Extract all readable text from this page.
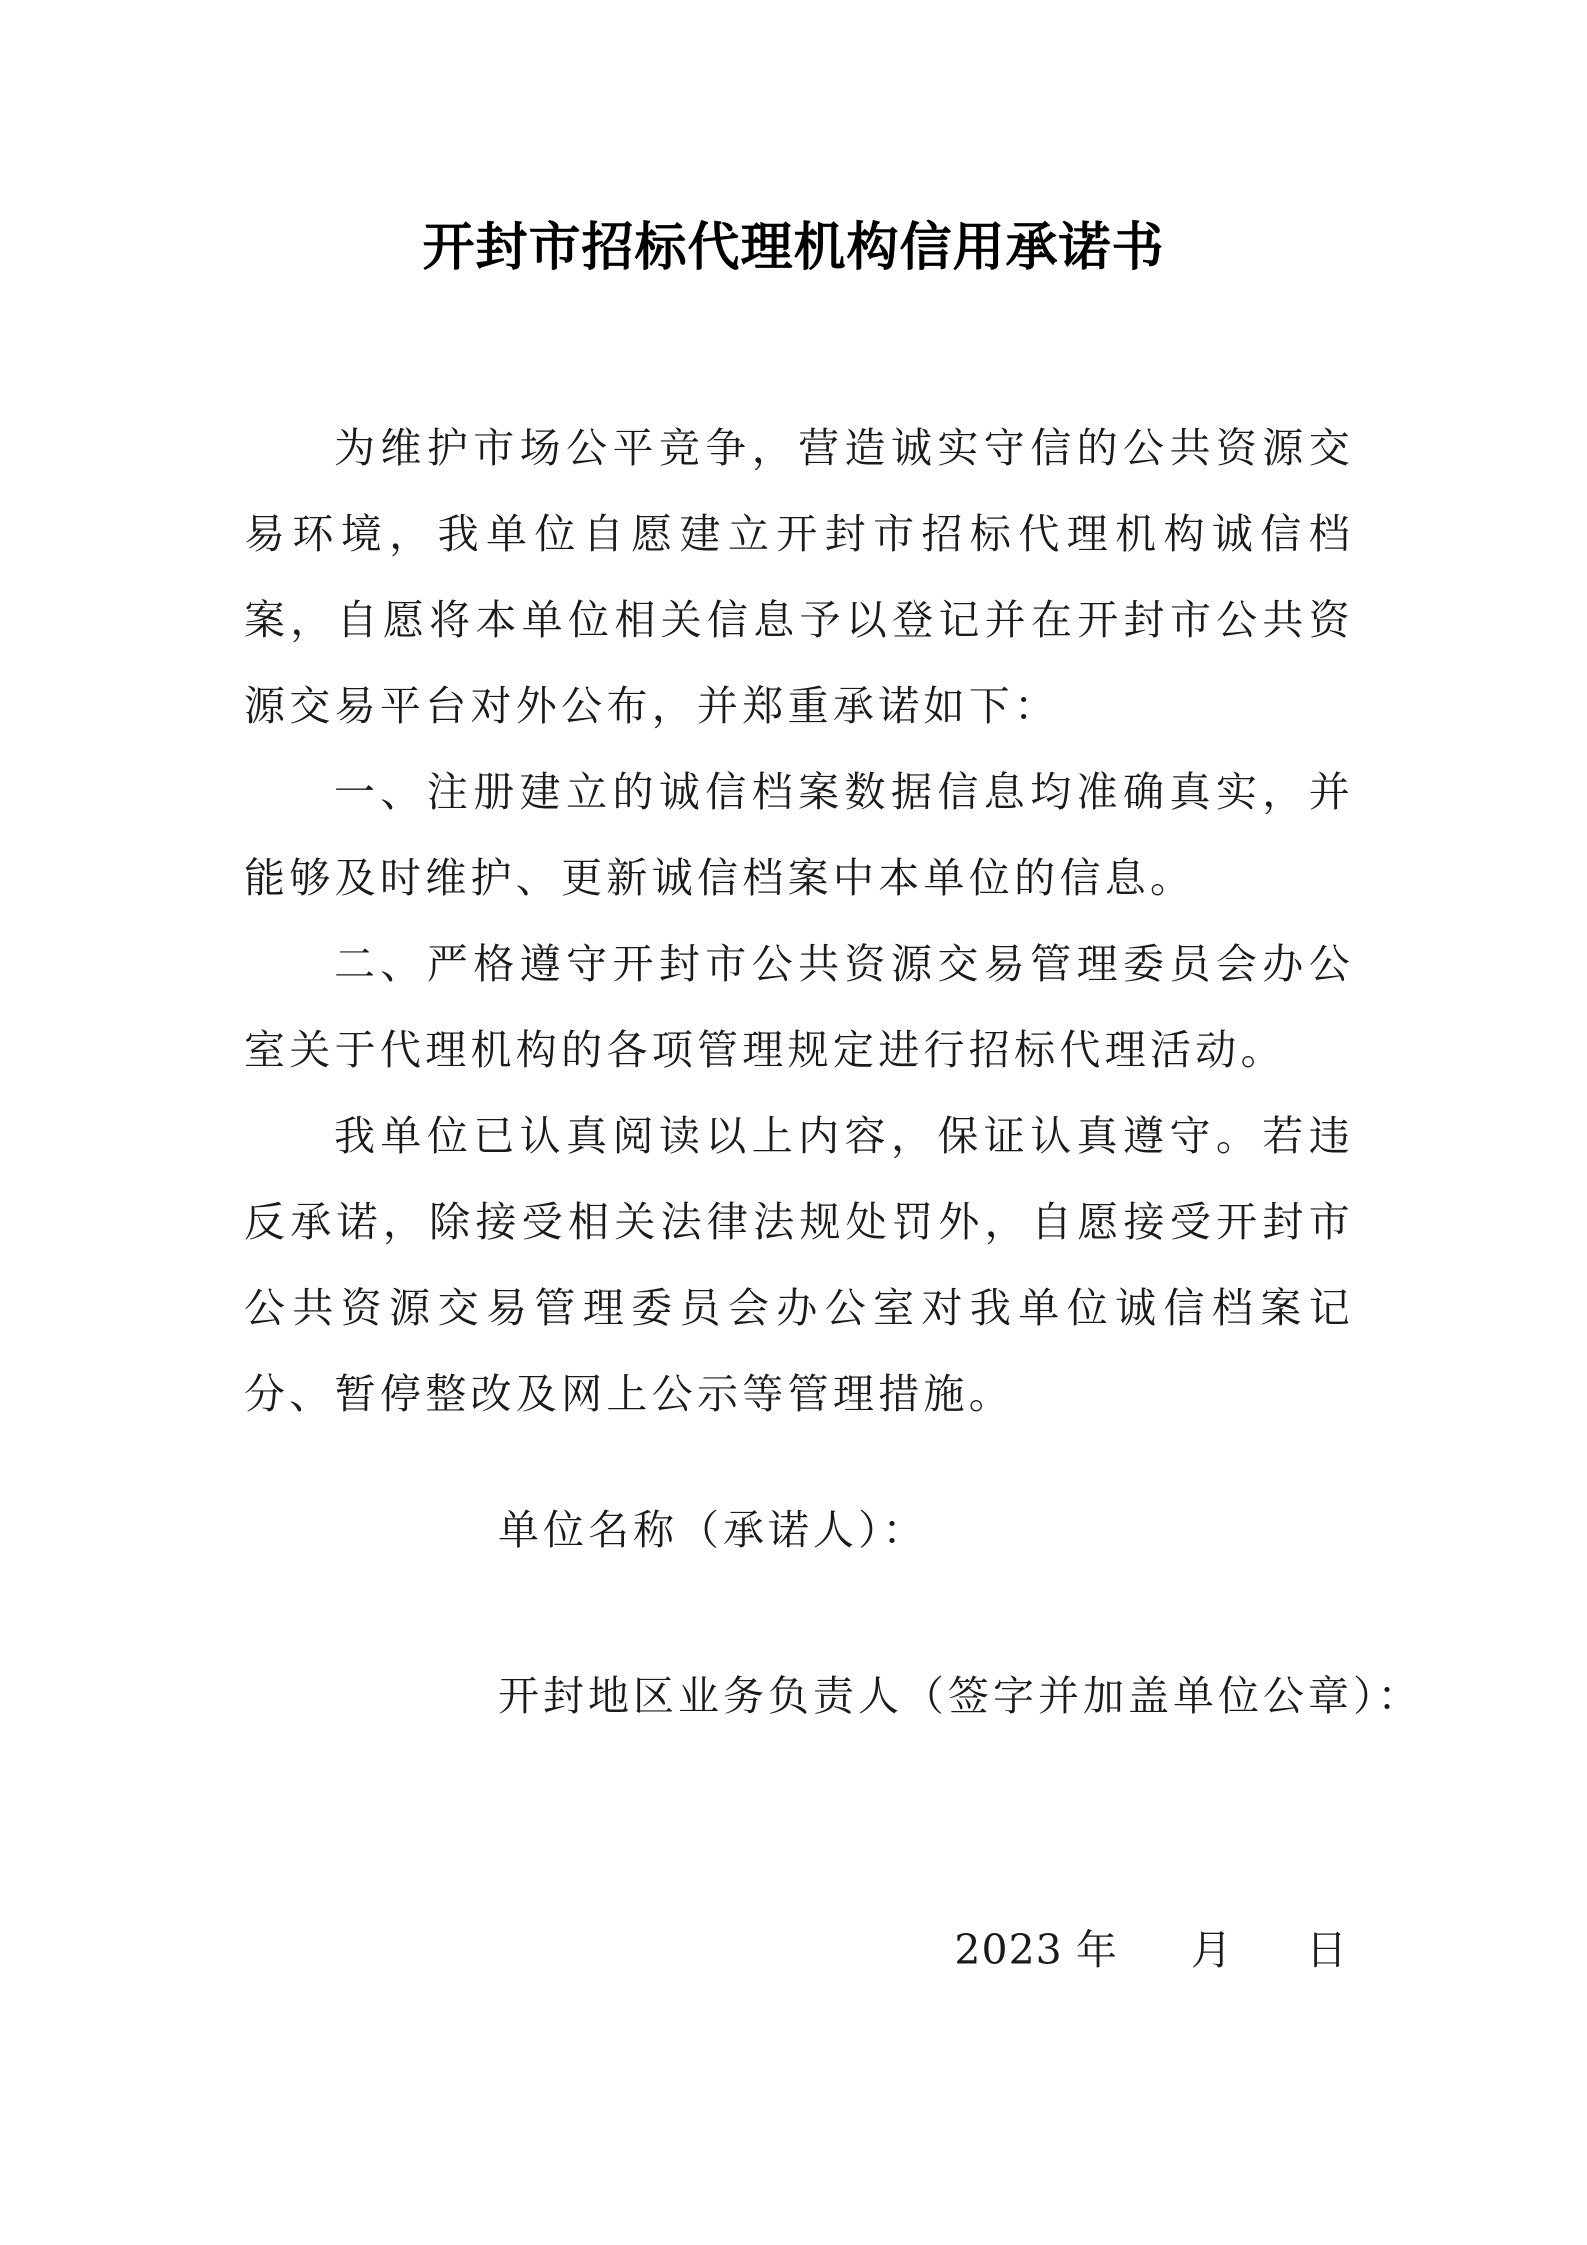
开封市招标代理机构信用承诺书

为维护市场公平竞争，营造诚实守信的公共资源交易环境，我单位自愿建立开封市招标代理机构诚信档案，自愿将本单位相关信息予以登记并在开封市公共资源交易平台对外公布，并郑重承诺如下：

一、注册建立的诚信档案数据信息均准确真实，并能够及时维护、更新诚信档案中本单位的信息。

二、严格遵守开封市公共资源交易管理委员会办公室关于代理机构的各项管理规定进行招标代理活动。

我单位已认真阅读以上内容，保证认真遵守。若违反承诺，除接受相关法律法规处罚外，自愿接受开封市公共资源交易管理委员会办公室对我单位诚信档案记分、暂停整改及网上公示等管理措施。

单位名称（承诺人）：
开封地区业务负责人（签字并加盖单位公章）：
2023 年 月 日
